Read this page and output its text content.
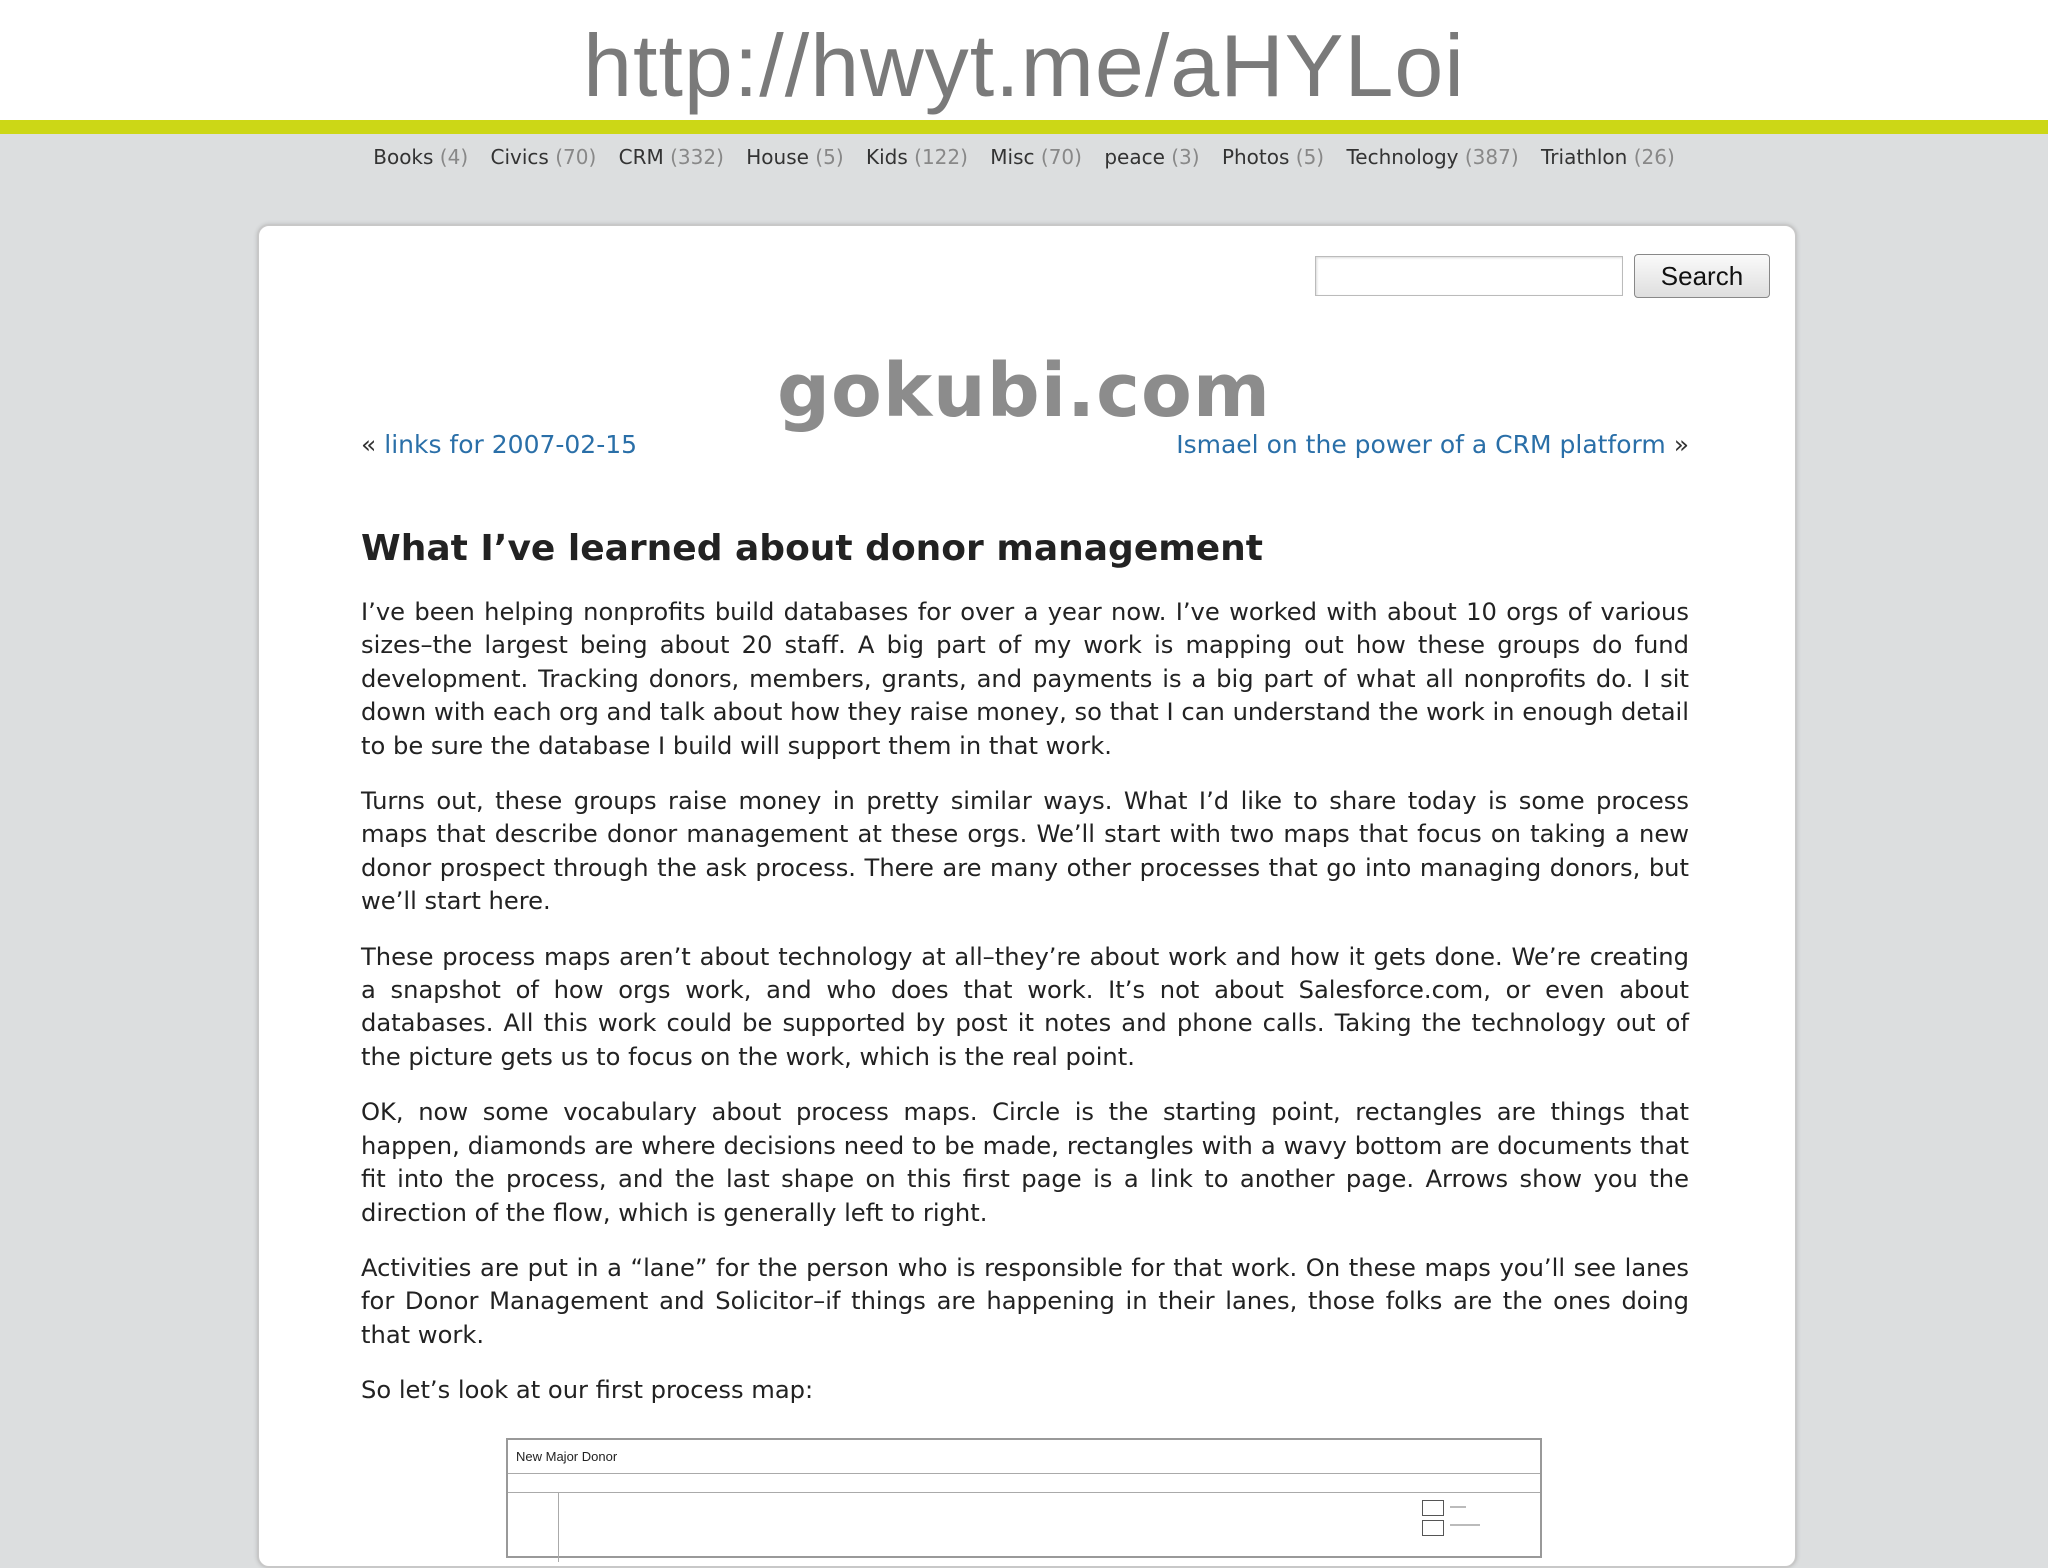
http://hwyt.me/aHYLoi
Books (4) Civics (70) CRM (332) House (5) Kids (122) Misc (70) peace (3) Photos (5) Technology (387) Triathlon (26)
Search
gokubi.com
« links for 2007-02-15	Ismael on the power of a CRM platform »
What I’ve learned about donor management

I’ve been helping nonprofits build databases for over a year now. I’ve worked with about 10 orgs of various sizes–the largest being about 20 staff. A big part of my work is mapping out how these groups do fund development. Tracking donors, members, grants, and payments is a big part of what all nonprofits do. I sit down with each org and talk about how they raise money, so that I can understand the work in enough detail to be sure the database I build will support them in that work.

Turns out, these groups raise money in pretty similar ways. What I’d like to share today is some process maps that describe donor management at these orgs. We’ll start with two maps that focus on taking a new donor prospect through the ask process. There are many other processes that go into managing donors, but we’ll start here.

These process maps aren’t about technology at all–they’re about work and how it gets done. We’re creating a snapshot of how orgs work, and who does that work. It’s not about Salesforce.com, or even about databases. All this work could be supported by post it notes and phone calls. Taking the technology out of the picture gets us to focus on the work, which is the real point.

OK, now some vocabulary about process maps. Circle is the starting point, rectangles are things that happen, diamonds are where decisions need to be made, rectangles with a wavy bottom are documents that fit into the process, and the last shape on this first page is a link to another page. Arrows show you the direction of the flow, which is generally left to right.

Activities are put in a “lane” for the person who is responsible for that work. On these maps you’ll see lanes for Donor Management and Solicitor–if things are happening in their lanes, those folks are the ones doing that work.

So let’s look at our first process map:

New Major Donor
